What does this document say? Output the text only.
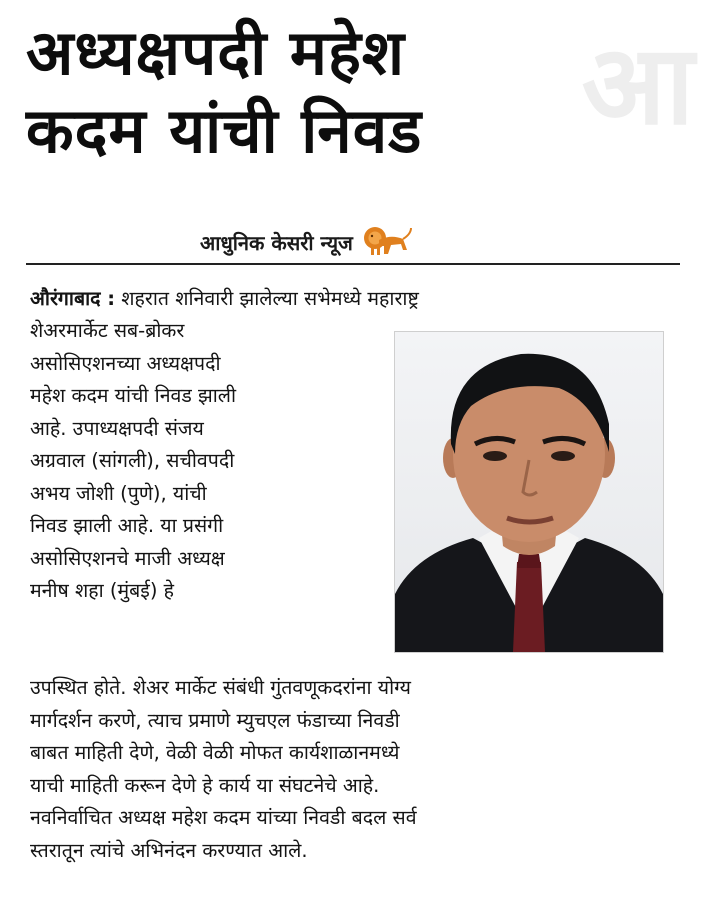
आ
अध्यक्षपदी महेश
कदम यांची निवड
आधुनिक केसरी न्यूज
औरंगाबाद : शहरात शनिवारी झालेल्या सभेमध्ये महाराष्ट्र
शेअरमार्केट सब-ब्रोकर
असोसिएशनच्या अध्यक्षपदी
महेश कदम यांची निवड झाली
आहे. उपाध्यक्षपदी संजय
अग्रवाल (सांगली), सचीवपदी
अभय जोशी (पुणे), यांची
निवड झाली आहे. या प्रसंगी
असोसिएशनचे माजी अध्यक्ष
मनीष शहा (मुंबई) हे
उपस्थित होते. शेअर मार्केट संबंधी गुंतवणूकदरांना योग्य
मार्गदर्शन करणे, त्याच प्रमाणे म्युचएल फंडाच्या निवडी
बाबत माहिती देणे, वेळी वेळी मोफत कार्यशाळानमध्ये
याची माहिती करून देणे हे कार्य या संघटनेचे आहे.
नवनिर्वाचित अध्यक्ष महेश कदम यांच्या निवडी बदल सर्व
स्तरातून त्यांचे अभिनंदन करण्यात आले.
